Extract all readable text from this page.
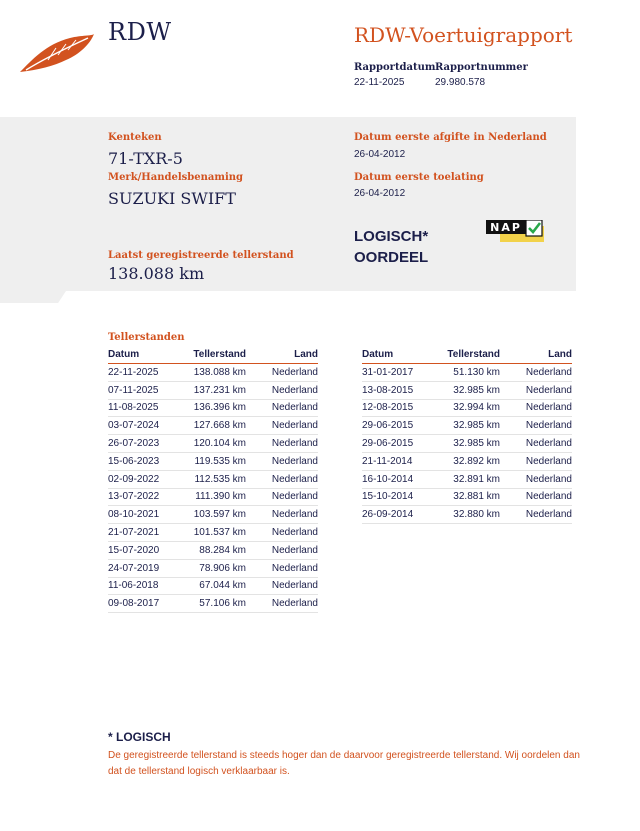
RDW	RDW-Voertuigrapport
Rapportdatum
22-11-2025
Rapportnummer
29.980.578
Kenteken
71-TXR-5
Merk/Handelsbenaming
SUZUKI SWIFT
Datum eerste afgifte in Nederland
26-04-2012
Datum eerste toelating
26-04-2012
Laatst geregistreerde tellerstand
138.088 km
LOGISCH*
OORDEEL
NAP
Tellerstanden
Datum	Tellerstand	Land
22-11-2025	138.088 km	Nederland
07-11-2025	137.231 km	Nederland
11-08-2025	136.396 km	Nederland
03-07-2024	127.668 km	Nederland
26-07-2023	120.104 km	Nederland
15-06-2023	119.535 km	Nederland
02-09-2022	112.535 km	Nederland
13-07-2022	111.390 km	Nederland
08-10-2021	103.597 km	Nederland
21-07-2021	101.537 km	Nederland
15-07-2020	88.284 km	Nederland
24-07-2019	78.906 km	Nederland
11-06-2018	67.044 km	Nederland
09-08-2017	57.106 km	Nederland
Datum	Tellerstand	Land
31-01-2017	51.130 km	Nederland
13-08-2015	32.985 km	Nederland
12-08-2015	32.994 km	Nederland
29-06-2015	32.985 km	Nederland
29-06-2015	32.985 km	Nederland
21-11-2014	32.892 km	Nederland
16-10-2014	32.891 km	Nederland
15-10-2014	32.881 km	Nederland
26-09-2014	32.880 km	Nederland
* LOGISCH
De geregistreerde tellerstand is steeds hoger dan de daarvoor geregistreerde tellerstand. Wij oordelen dan dat de tellerstand logisch verklaarbaar is.
